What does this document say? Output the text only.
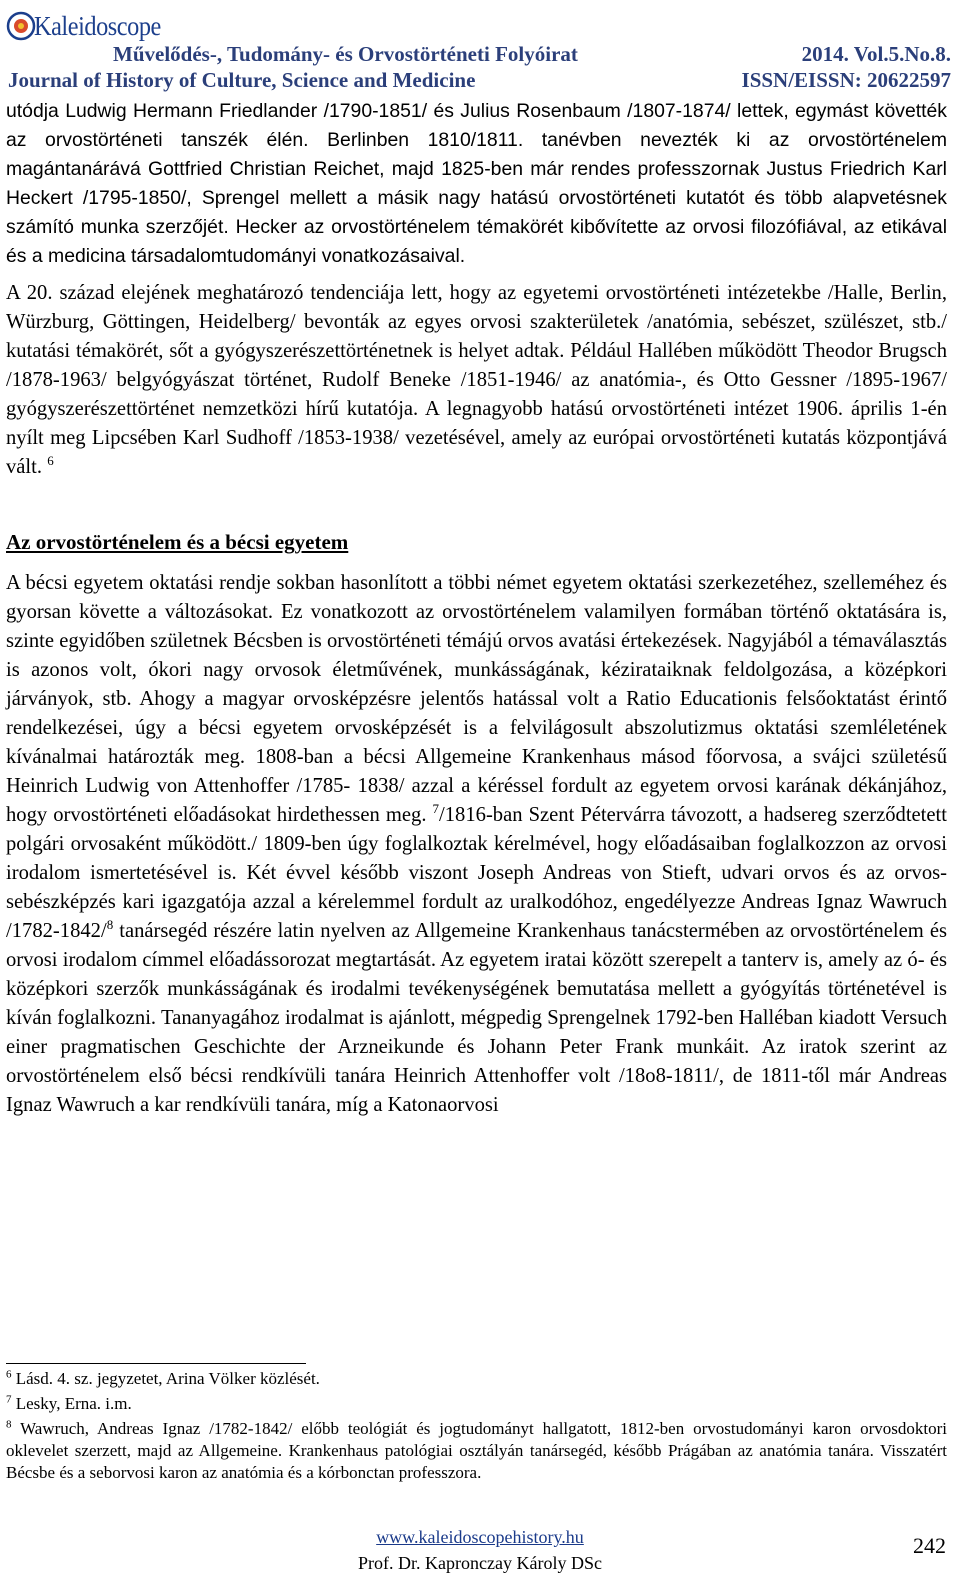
Kaleidoscope
Művelődés-, Tudomány- és Orvostörténeti Folyóirat	2014. Vol.5.No.8.
Journal of History of Culture, Science and Medicine	ISSN/EISSN: 20622597

utódja Ludwig Hermann Friedlander /1790-1851/ és Julius Rosenbaum /1807-1874/ lettek, egymást követték az orvostörténeti tanszék élén. Berlinben 1810/1811. tanévben nevezték ki az orvostörténelem magántanárává Gottfried Christian Reichet, majd 1825-ben már rendes professzornak Justus Friedrich Karl Heckert /1795-1850/, Sprengel mellett a másik nagy hatású orvostörténeti kutatót és több alapvetésnek számító munka szerzőjét. Hecker az orvostörténelem témakörét kibővítette az orvosi filozófiával, az etikával és a medicina társadalomtudományi vonatkozásaival.

A 20. század elejének meghatározó tendenciája lett, hogy az egyetemi orvostörténeti intézetekbe /Halle, Berlin, Würzburg, Göttingen, Heidelberg/ bevonták az egyes orvosi szakterületek /anatómia, sebészet, szülészet, stb./ kutatási témakörét, sőt a gyógyszerészettörténetnek is helyet adtak. Például Hallében működött Theodor Brugsch /1878-1963/ belgyógyászat történet, Rudolf Beneke /1851-1946/ az anatómia-, és Otto Gessner /1895-1967/ gyógyszerészettörténet nemzetközi hírű kutatója. A legnagyobb hatású orvostörténeti intézet 1906. április 1-én nyílt meg Lipcsében Karl Sudhoff /1853-1938/ vezetésével, amely az európai orvostörténeti kutatás központjává vált. $^6$

Az orvostörténelem és a bécsi egyetem

A bécsi egyetem oktatási rendje sokban hasonlított a többi német egyetem oktatási szerkezetéhez, szelleméhez és gyorsan követte a változásokat. Ez vonatkozott az orvostörténelem valamilyen formában történő oktatására is, szinte egyidőben születnek Bécsben is orvostörténeti témájú orvos avatási értekezések. Nagyjából a témaválasztás is azonos volt, ókori nagy orvosok életművének, munkásságának, kézirataiknak feldolgozása, a középkori járványok, stb. Ahogy a magyar orvosképzésre jelentős hatással volt a Ratio Educationis felsőoktatást érintő rendelkezései, úgy a bécsi egyetem orvosképzését is a felvilágosult abszolutizmus oktatási szemléletének kívánalmai határozták meg. 1808-ban a bécsi Allgemeine Krankenhaus másod főorvosa, a svájci születésű Heinrich Ludwig von Attenhoffer /1785- 1838/ azzal a kéréssel fordult az egyetem orvosi karának dékánjához, hogy orvostörténeti előadásokat hirdethessen meg. $^7$/1816-ban Szent Pétervárra távozott, a hadsereg szerződtetett polgári orvosaként működött./ 1809-ben úgy foglalkoztak kérelmével, hogy előadásaiban foglalkozzon az orvosi irodalom ismertetésével is. Két évvel később viszont Joseph Andreas von Stieft, udvari orvos és az orvos-sebészképzés kari igazgatója azzal a kérelemmel fordult az uralkodóhoz, engedélyezze Andreas Ignaz Wawruch /1782-1842/$^8$ tanársegéd részére latin nyelven az Allgemeine Krankenhaus tanácstermében az orvostörténelem és orvosi irodalom címmel előadássorozat megtartását. Az egyetem iratai között szerepelt a tanterv is, amely az ó- és középkori szerzők munkásságának és irodalmi tevékenységének bemutatása mellett a gyógyítás történetével is kíván foglalkozni. Tananyagához irodalmat is ajánlott, mégpedig Sprengelnek 1792-ben Halléban kiadott Versuch einer pragmatischen Geschichte der Arzneikunde és Johann Peter Frank munkáit. Az iratok szerint az orvostörténelem első bécsi rendkívüli tanára Heinrich Attenhoffer volt /18o8-1811/, de 1811-től már Andreas Ignaz Wawruch a kar rendkívüli tanára, míg a Katonaorvosi

$^6$ Lásd. 4. sz. jegyzetet, Arina Völker közlését.

$^7$ Lesky, Erna. i.m.

$^8$ Wawruch, Andreas Ignaz /1782-1842/ előbb teológiát és jogtudományt hallgatott, 1812-ben orvostudományi karon orvosdoktori oklevelet szerzett, majd az Allgemeine. Krankenhaus patológiai osztályán tanársegéd, később Prágában az anatómia tanára. Visszatért Bécsbe és a seborvosi karon az anatómia és a kórbonctan professzora.

www.kaleidoscopehistory.hu
Prof. Dr. Kapronczay Károly DSc
242
